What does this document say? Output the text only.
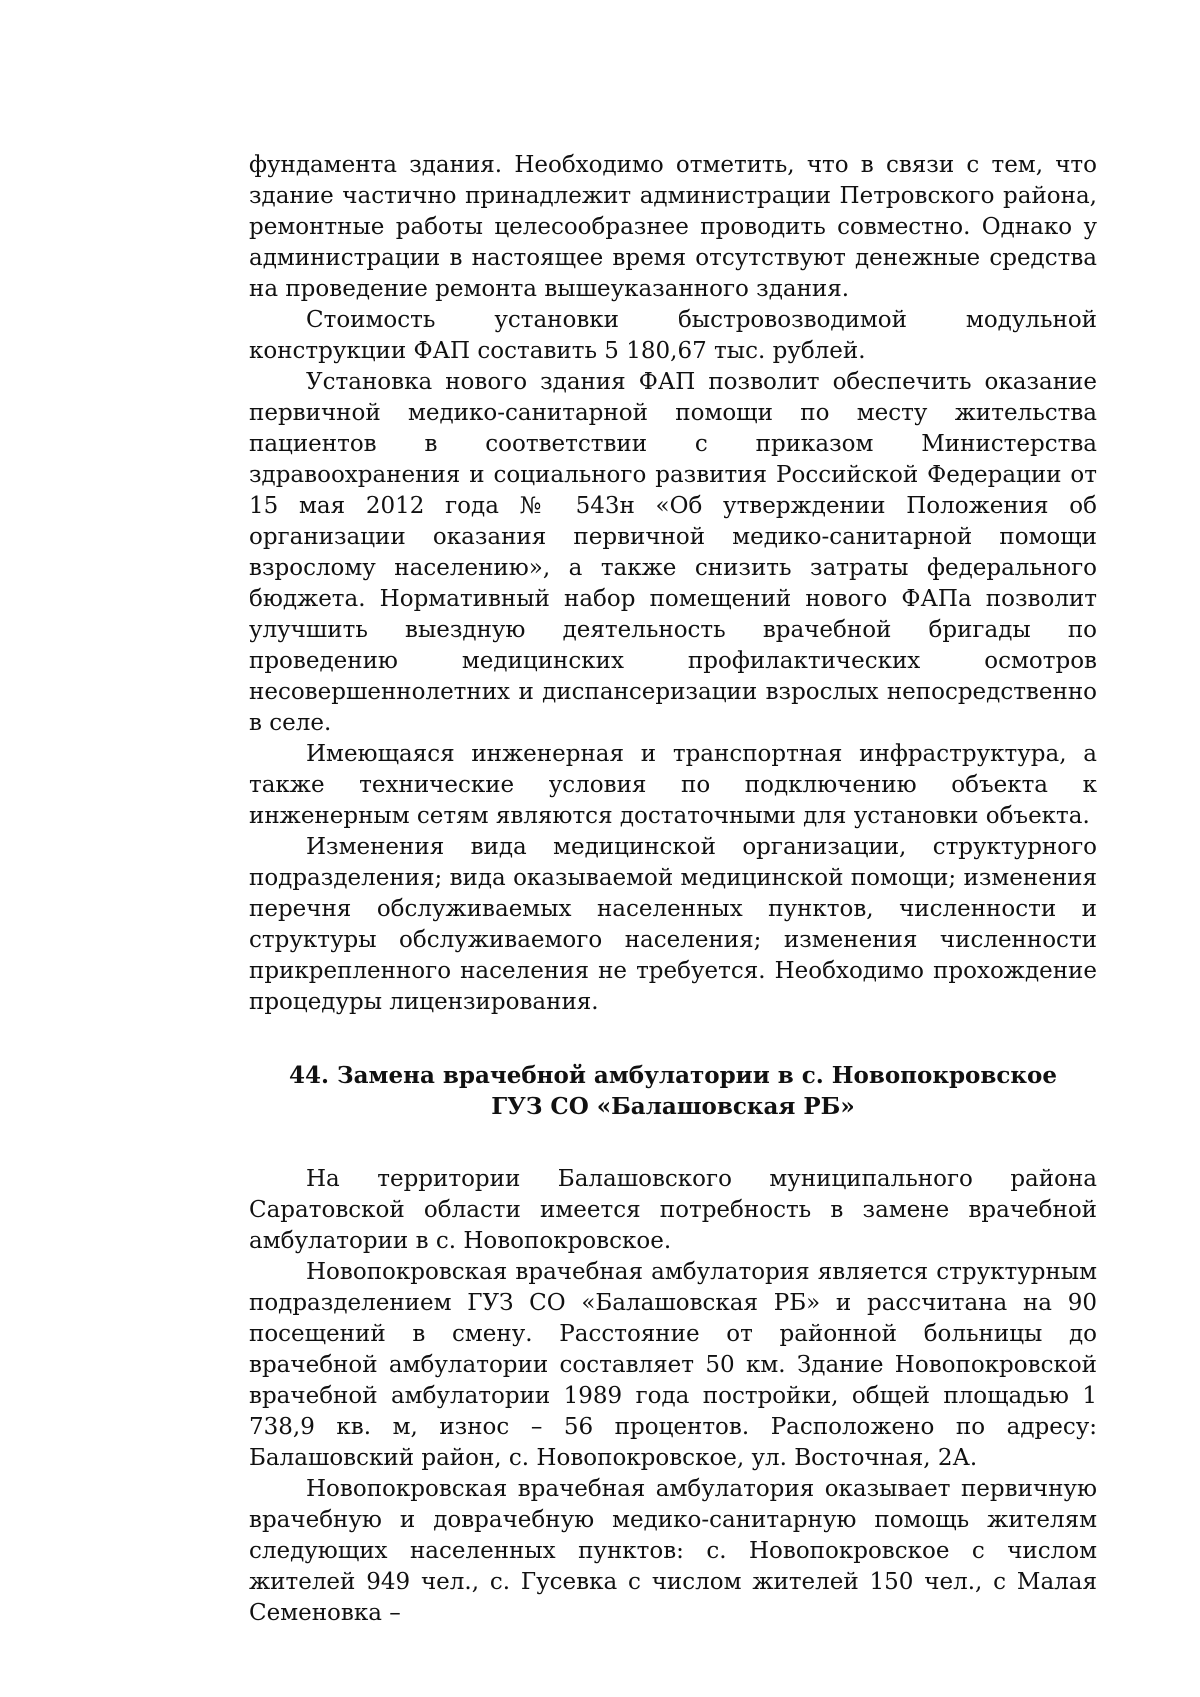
фундамента здания. Необходимо отметить, что в связи с тем, что здание частично принадлежит администрации Петровского района, ремонтные работы целесообразнее проводить совместно. Однако у администрации в настоящее время отсутствуют денежные средства на проведение ремонта вышеуказанного здания.

Стоимость установки быстровозводимой модульной конструкции ФАП составить 5 180,67 тыс. рублей.

Установка нового здания ФАП позволит обеспечить оказание первичной медико-санитарной помощи по месту жительства пациентов в соответствии с приказом Министерства здравоохранения и социального развития Российской Федерации от 15 мая 2012 года № 543н «Об утверждении Положения об организации оказания первичной медико-санитарной помощи взрослому населению», а также снизить затраты федерального бюджета. Нормативный набор помещений нового ФАПа позволит улучшить выездную деятельность врачебной бригады по проведению медицинских профилактических осмотров несовершеннолетних и диспансеризации взрослых непосредственно в селе.

Имеющаяся инженерная и транспортная инфраструктура, а также технические условия по подключению объекта к инженерным сетям являются достаточными для установки объекта.

Изменения вида медицинской организации, структурного подразделения; вида оказываемой медицинской помощи; изменения перечня обслуживаемых населенных пунктов, численности и структуры обслуживаемого населения; изменения численности прикрепленного населения не требуется. Необходимо прохождение процедуры лицензирования.

44. Замена врачебной амбулатории в с. Новопокровское
ГУЗ СО «Балашовская РБ»

На территории Балашовского муниципального района Саратовской области имеется потребность в замене врачебной амбулатории в с. Новопокровское.

Новопокровская врачебная амбулатория является структурным подразделением ГУЗ СО «Балашовская РБ» и рассчитана на 90 посещений в смену. Расстояние от районной больницы до врачебной амбулатории составляет 50 км. Здание Новопокровской врачебной амбулатории 1989 года постройки, общей площадью 1 738,9 кв. м, износ – 56 процентов. Расположено по адресу: Балашовский район, с. Новопокровское, ул. Восточная, 2А.

Новопокровская врачебная амбулатория оказывает первичную врачебную и доврачебную медико-санитарную помощь жителям следующих населенных пунктов: с. Новопокровское с числом жителей 949 чел., с. Гусевка с числом жителей 150 чел., с Малая Семеновка –
